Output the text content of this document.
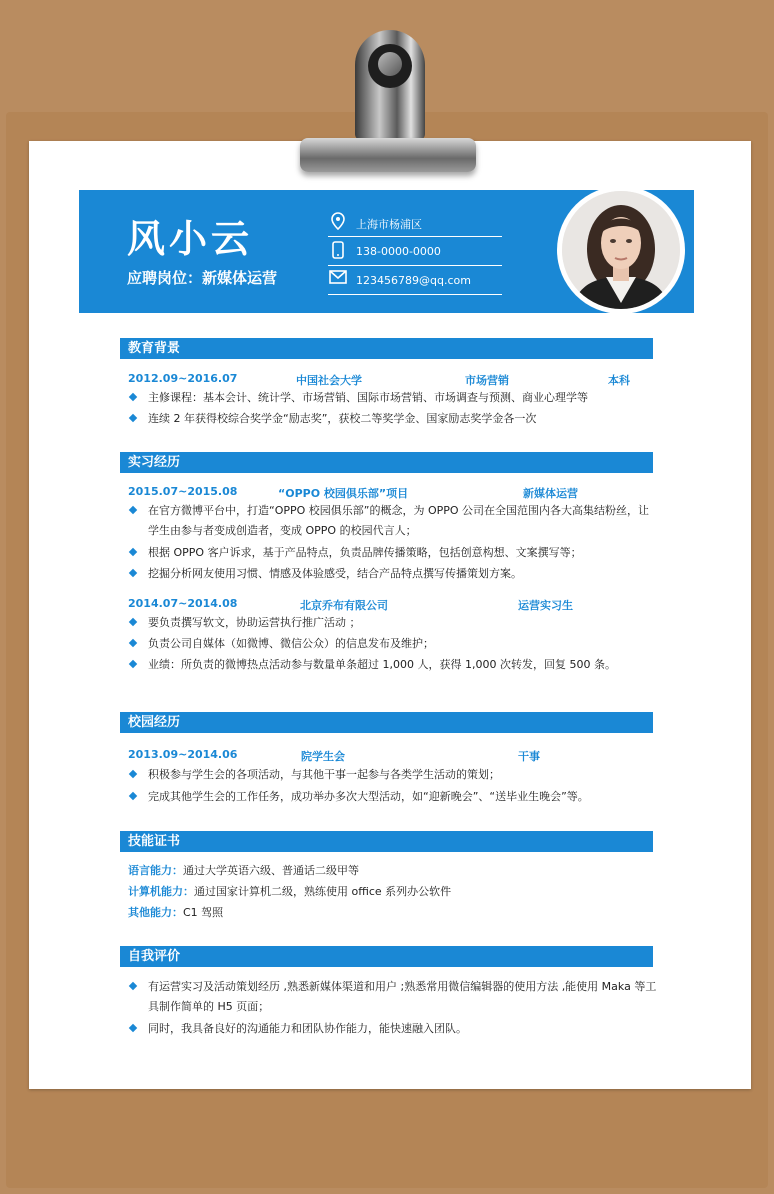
风小云
应聘岗位：新媒体运营
上海市杨浦区
138-0000-0000
123456789@qq.com
教育背景
2012.09~2016.07	中国社会大学	市场营销	本科
主修课程：基本会计、统计学、市场营销、国际市场营销、市场调查与预测、商业心理学等
连续 2 年获得校综合奖学金“励志奖”，获校二等奖学金、国家励志奖学金各一次
实习经历
2015.07~2015.08	“OPPO 校园俱乐部”项目	新媒体运营
在官方微博平台中，打造“OPPO 校园俱乐部”的概念，为 OPPO 公司在全国范围内各大高集结粉丝，让学生由参与者变成创造者，变成 OPPO 的校园代言人；
根据 OPPO 客户诉求，基于产品特点，负责品牌传播策略，包括创意构想、文案撰写等；
挖掘分析网友使用习惯、情感及体验感受，结合产品特点撰写传播策划方案。
2014.07~2014.08	北京乔布有限公司	运营实习生
要负责撰写软文，协助运营执行推广活动 ；
负责公司自媒体（如微博、微信公众）的信息发布及维护；
业绩：所负责的微博热点活动参与数量单条超过 1,000 人，获得 1,000 次转发，回复 500 条。
校园经历
2013.09~2014.06	院学生会	干事
积极参与学生会的各项活动，与其他干事一起参与各类学生活动的策划；
完成其他学生会的工作任务，成功举办多次大型活动，如“迎新晚会”、“送毕业生晚会”等。
技能证书
语言能力：通过大学英语六级、普通话二级甲等
计算机能力：通过国家计算机二级，熟练使用 office 系列办公软件
其他能力：C1 驾照
自我评价
有运营实习及活动策划经历 ,熟悉新媒体渠道和用户 ;熟悉常用微信编辑器的使用方法 ,能使用 Maka 等工具制作简单的 H5 页面；
同时，我具备良好的沟通能力和团队协作能力，能快速融入团队。
